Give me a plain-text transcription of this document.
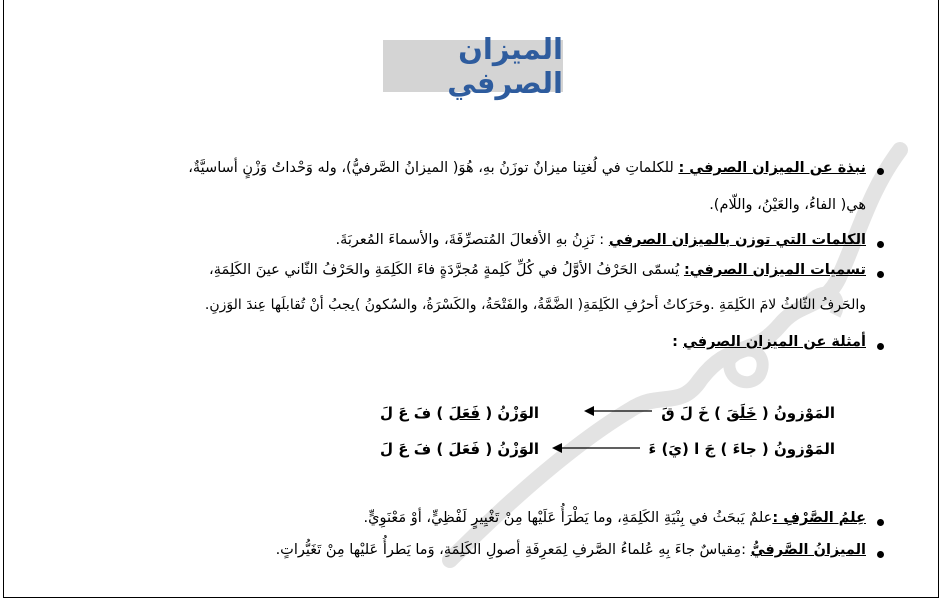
الميزان الصرفي
نبذة عن الميزان الصرفي : للكلماتِ في لُغتِنا ميزانٌ توزَنُ بهِ، هُوَ( الميزانُ الصَّرفيُّ)، وله وَحْداتُ وَزْنٍ أساسيَّةٌ،
هي( الفاءُ، والعَيْنُ، واللّام).
الكلمات التي توزن بالميزان الصرفي : نَزِنُ بهِ الأفعالَ المُتصرِّفَةَ، والأسماءَ المُعربَةَ.
تسميات الميزان الصرفي: يُسمّى الحَرْفُ الأوَّلُ في كُلِّ كَلِمةٍ مُجرَّدَةٍ فاءَ الكَلِمَةِ والحَرْفُ الثّاني عينَ الكَلِمَةِ،
والحَرفُ الثّالثُ لامَ الكَلِمَةِ .وحَرَكاتُ أحرُفِ الكَلِمَةِ( الضَّمَّةُ، والفَتْحَةُ، والكَسْرَةُ، والسُكونُ )يجبُ أنْ تُقابلَها عِندَ الوَزنِ.
أمثلة عن الميزان الصرفي :
المَوْزونُ ( خَلَقَ ) خَ لَ قَ
الوَزْنُ ( فَعَلَ ) فَ عَ لَ
المَوْزونُ ( جاءَ ) جَ ا (يَ) ءَ
الوَزْنُ ( فَعَلَ ) فَ عَ لَ
عِلمُ الصَّرْفِ :علمٌ يَبحَثُ في بِنْيَةِ الكَلِمَةِ، وما يَطْرَأُ عَلَيْها مِنْ تَغْيِيرٍ لَفْظِيٍّ، أوْ مَعْنَوِيٍّ.
الميزانُ الصَّرفيُّ :مِقياسٌ جاءَ بِهِ عُلماءُ الصَّرفِ لِمَعرِفَةِ أصولِ الكَلِمَةِ، وَما يَطرأُ عَليْها مِنْ تَغَيُّراتٍ.
